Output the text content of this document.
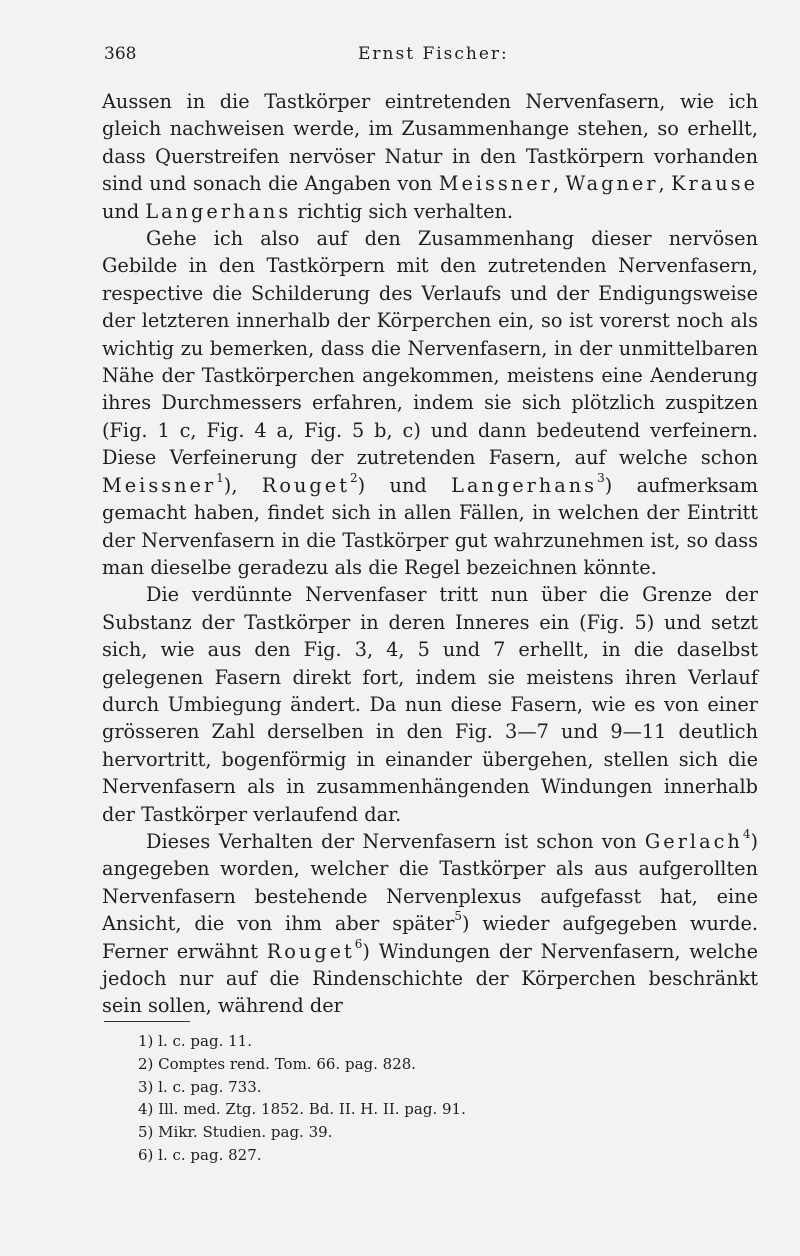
368	Ernst Fischer:

Aussen in die Tastkörper eintretenden Nervenfasern, wie ich gleich nachweisen werde, im Zusammenhange stehen, so erhellt, dass Querstreifen nervöser Natur in den Tastkörpern vorhanden sind und sonach die Angaben von Meissner, Wagner, Krause und Langerhans richtig sich verhalten.

Gehe ich also auf den Zusammenhang dieser nervösen Gebilde in den Tastkörpern mit den zutretenden Nervenfasern, respective die Schilderung des Verlaufs und der Endigungsweise der letzteren innerhalb der Körperchen ein, so ist vorerst noch als wichtig zu bemerken, dass die Nervenfasern, in der unmittelbaren Nähe der Tastkörperchen angekommen, meistens eine Aenderung ihres Durchmessers erfahren, indem sie sich plötzlich zuspitzen (Fig. 1 c, Fig. 4 a, Fig. 5 b, c) und dann bedeutend verfeinern. Diese Verfeinerung der zutretenden Fasern, auf welche schon Meissner$^1$), Rouget$^2$) und Langerhans$^3$) aufmerksam gemacht haben, findet sich in allen Fällen, in welchen der Eintritt der Nervenfasern in die Tastkörper gut wahrzunehmen ist, so dass man dieselbe geradezu als die Regel bezeichnen könnte.

Die verdünnte Nervenfaser tritt nun über die Grenze der Substanz der Tastkörper in deren Inneres ein (Fig. 5) und setzt sich, wie aus den Fig. 3, 4, 5 und 7 erhellt, in die daselbst gelegenen Fasern direkt fort, indem sie meistens ihren Verlauf durch Umbiegung ändert. Da nun diese Fasern, wie es von einer grösseren Zahl derselben in den Fig. 3—7 und 9—11 deutlich hervortritt, bogenförmig in einander übergehen, stellen sich die Nervenfasern als in zusammenhängenden Windungen innerhalb der Tastkörper verlaufend dar.

Dieses Verhalten der Nervenfasern ist schon von Gerlach$^4$) angegeben worden, welcher die Tastkörper als aus aufgerollten Nervenfasern bestehende Nervenplexus aufgefasst hat, eine Ansicht, die von ihm aber später$^5$) wieder aufgegeben wurde. Ferner erwähnt Rouget$^6$) Windungen der Nervenfasern, welche jedoch nur auf die Rindenschichte der Körperchen beschränkt sein sollen, während der

1) l. c. pag. 11.
2) Comptes rend. Tom. 66. pag. 828.
3) l. c. pag. 733.
4) Ill. med. Ztg. 1852. Bd. II. H. II. pag. 91.
5) Mikr. Studien. pag. 39.
6) l. c. pag. 827.
